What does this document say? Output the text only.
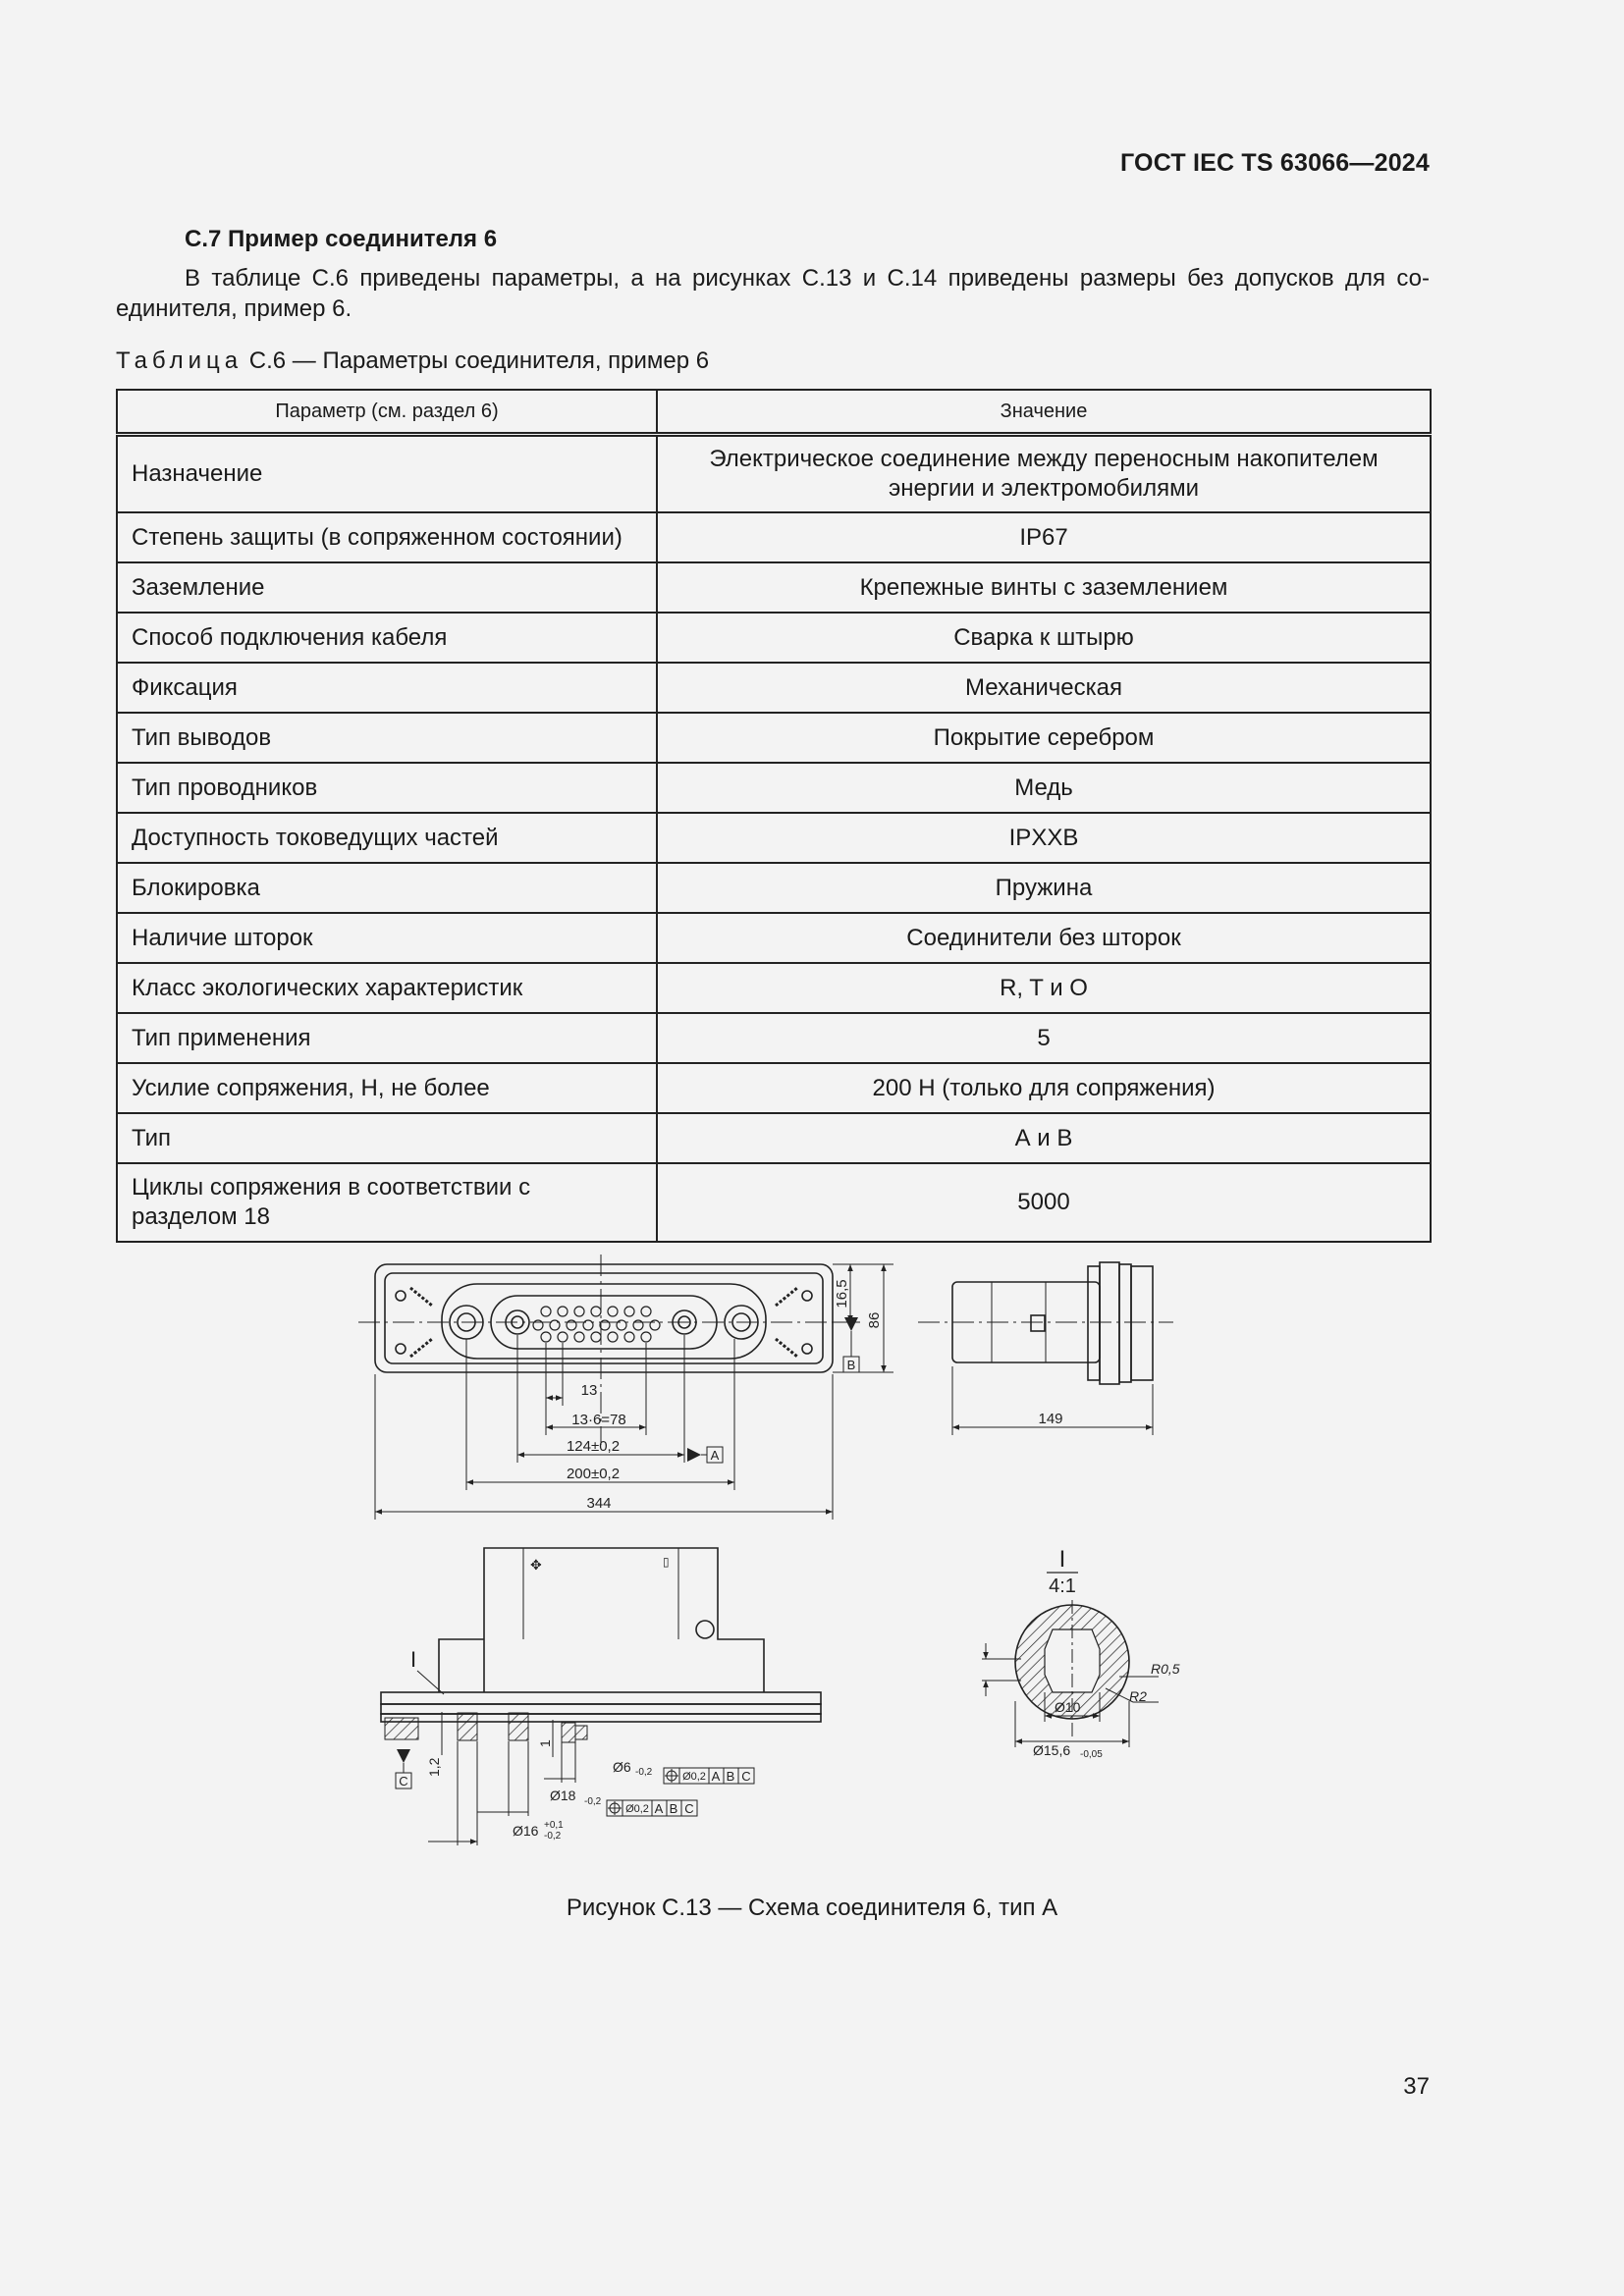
ГОСТ IEC TS 63066—2024
С.7 Пример соединителя 6
В таблице С.6 приведены параметры, а на рисунках С.13 и С.14 приведены размеры без допусков для со-
единителя, пример 6.
Таблица С.6 — Параметры соединителя, пример 6
Параметр (см. раздел 6)	Значение
Назначение	Электрическое соединение между переносным накопителем энергии и электромобилями
Степень защиты (в сопряженном состоянии)	IP67
Заземление	Крепежные винты с заземлением
Способ подключения кабеля	Сварка к штырю
Фиксация	Механическая
Тип выводов	Покрытие серебром
Тип проводников	Медь
Доступность токоведущих частей	IPXXB
Блокировка	Пружина
Наличие шторок	Соединители без шторок
Класс экологических характеристик	R, T и O
Тип применения	5
Усилие сопряжения, Н, не более	200 Н (только для сопряжения)
Тип	А и В
Циклы сопряжения в соответствии с разделом 18	5000
13
13·6=78
124±0,2
200±0,2
344
16,5
86
A
B
149
✥	▯
I
1,2
1
Ø6 -0,2
Ø18 -0,2
Ø16 +0,1
-0,2
Ø0,2 A B C
Ø0,2 A B C
C
I
4:1
R0,5
R2
Ø10
Ø15,6 -0,05
Рисунок С.13 — Схема соединителя 6, тип А
37
